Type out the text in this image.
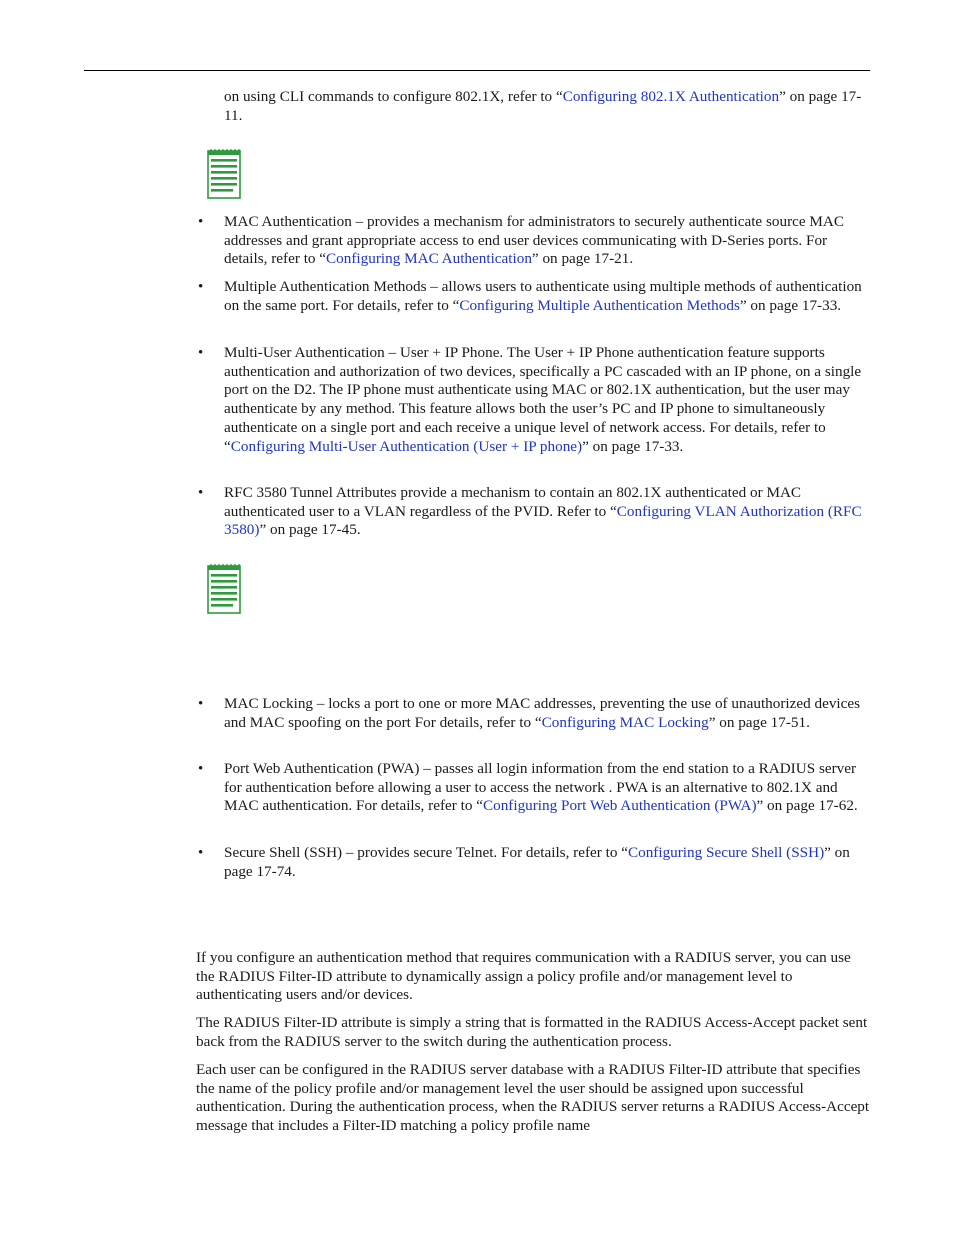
on using CLI commands to configure 802.1X, refer to “Configuring 802.1X Authentication” on page 17-11.

• MAC Authentication – provides a mechanism for administrators to securely authenticate source MAC addresses and grant appropriate access to end user devices communicating with D-Series ports. For details, refer to “Configuring MAC Authentication” on page 17-21.

• Multiple Authentication Methods – allows users to authenticate using multiple methods of authentication on the same port. For details, refer to “Configuring Multiple Authentication Methods” on page 17-33.

• Multi-User Authentication – User + IP Phone. The User + IP Phone authentication feature supports authentication and authorization of two devices, specifically a PC cascaded with an IP phone, on a single port on the D2. The IP phone must authenticate using MAC or 802.1X authentication, but the user may authenticate by any method. This feature allows both the user’s PC and IP phone to simultaneously authenticate on a single port and each receive a unique level of network access. For details, refer to “Configuring Multi-User Authentication (User + IP phone)” on page 17-33.

• RFC 3580 Tunnel Attributes provide a mechanism to contain an 802.1X authenticated or MAC authenticated user to a VLAN regardless of the PVID. Refer to “Configuring VLAN Authorization (RFC 3580)” on page 17-45.

• MAC Locking – locks a port to one or more MAC addresses, preventing the use of unauthorized devices and MAC spoofing on the port For details, refer to “Configuring MAC Locking” on page 17-51.

• Port Web Authentication (PWA) – passes all login information from the end station to a RADIUS server for authentication before allowing a user to access the network . PWA is an alternative to 802.1X and MAC authentication. For details, refer to “Configuring Port Web Authentication (PWA)” on page 17-62.

• Secure Shell (SSH) – provides secure Telnet. For details, refer to “Configuring Secure Shell (SSH)” on page 17-74.

If you configure an authentication method that requires communication with a RADIUS server, you can use the RADIUS Filter-ID attribute to dynamically assign a policy profile and/or management level to authenticating users and/or devices.

The RADIUS Filter-ID attribute is simply a string that is formatted in the RADIUS Access-Accept packet sent back from the RADIUS server to the switch during the authentication process.

Each user can be configured in the RADIUS server database with a RADIUS Filter-ID attribute that specifies the name of the policy profile and/or management level the user should be assigned upon successful authentication. During the authentication process, when the RADIUS server returns a RADIUS Access-Accept message that includes a Filter-ID matching a policy profile name
